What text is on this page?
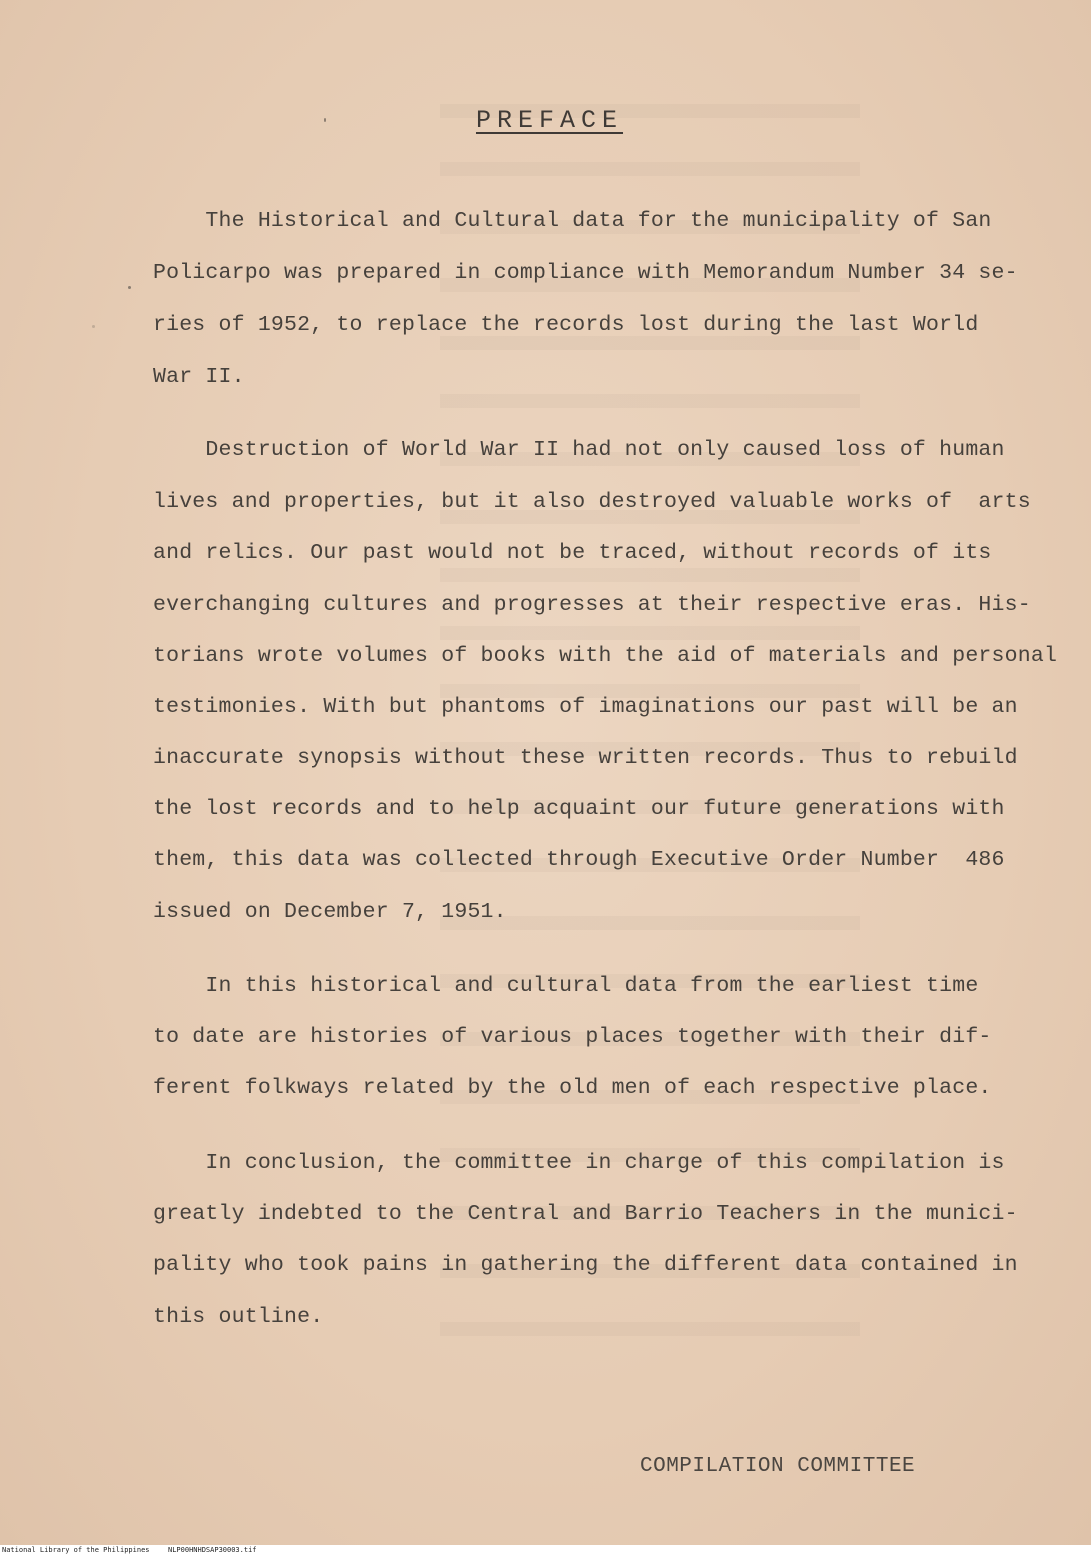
PREFACE
The Historical and Cultural data for the municipality of San
Policarpo was prepared in compliance with Memorandum Number 34 se-
ries of 1952, to replace the records lost during the last World
War II.
Destruction of World War II had not only caused loss of human
lives and properties, but it also destroyed valuable works of  arts
and relics. Our past would not be traced, without records of its
everchanging cultures and progresses at their respective eras. His-
torians wrote volumes of books with the aid of materials and personal
testimonies. With but phantoms of imaginations our past will be an
inaccurate synopsis without these written records. Thus to rebuild
the lost records and to help acquaint our future generations with
them, this data was collected through Executive Order Number  486
issued on December 7, 1951.
In this historical and cultural data from the earliest time
to date are histories of various places together with their dif-
ferent folkways related by the old men of each respective place.
In conclusion, the committee in charge of this compilation is
greatly indebted to the Central and Barrio Teachers in the munici-
pality who took pains in gathering the different data contained in
this outline.
COMPILATION COMMITTEE
National Library of the Philippines	NLP00HNHDSAP30003.tif
